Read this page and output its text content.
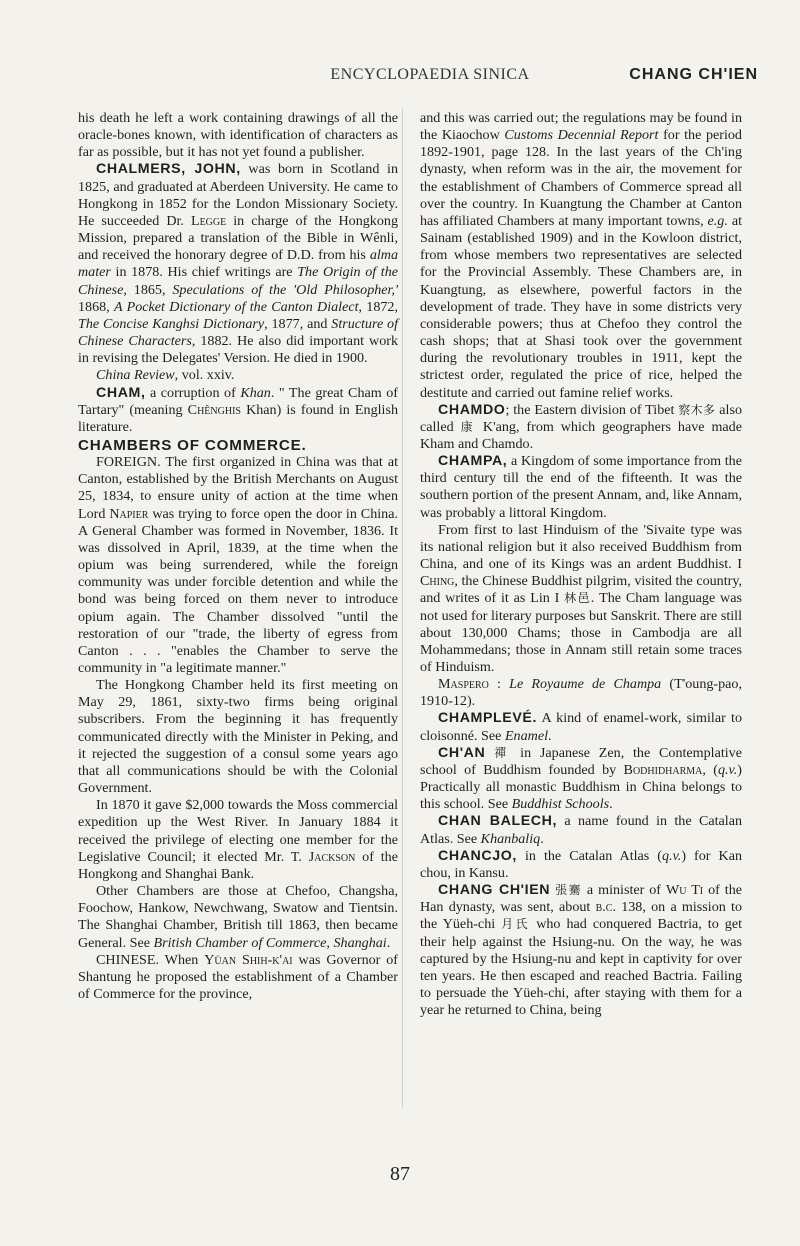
ENCYCLOPAEDIA SINICA	CHANG CH'IEN

his death he left a work containing drawings of all the oracle-bones known, with identification of characters as far as possible, but it has not yet found a publisher.

CHALMERS, JOHN, was born in Scotland in 1825, and graduated at Aberdeen University. He came to Hongkong in 1852 for the London Missionary Society. He succeeded Dr. Legge in charge of the Hongkong Mission, prepared a translation of the Bible in Wênli, and received the honorary degree of D.D. from his alma mater in 1878. His chief writings are The Origin of the Chinese, 1865, Speculations of the 'Old Philosopher,' 1868, A Pocket Dictionary of the Canton Dialect, 1872, The Concise Kanghsi Dictionary, 1877, and Structure of Chinese Characters, 1882. He also did important work in revising the Delegates' Version. He died in 1900.

China Review, vol. xxiv.

CHAM, a corruption of Khan. " The great Cham of Tartary" (meaning Chênghis Khan) is found in English literature.

CHAMBERS OF COMMERCE.

FOREIGN. The first organized in China was that at Canton, established by the British Merchants on August 25, 1834, to ensure unity of action at the time when Lord Napier was trying to force open the door in China. A General Chamber was formed in November, 1836. It was dissolved in April, 1839, at the time when the opium was being surrendered, while the foreign community was under forcible detention and while the bond was being forced on them never to introduce opium again. The Chamber dissolved "until the restoration of our "trade, the liberty of egress from Canton . . . "enables the Chamber to serve the community in "a legitimate manner."

The Hongkong Chamber held its first meeting on May 29, 1861, sixty-two firms being original subscribers. From the beginning it has frequently communicated directly with the Minister in Peking, and it rejected the suggestion of a consul some years ago that all communications should be with the Colonial Government.

In 1870 it gave $2,000 towards the Moss commercial expedition up the West River. In January 1884 it received the privilege of electing one member for the Legislative Council; it elected Mr. T. Jackson of the Hongkong and Shanghai Bank.

Other Chambers are those at Chefoo, Changsha, Foochow, Hankow, Newchwang, Swatow and Tientsin. The Shanghai Chamber, British till 1863, then became General. See British Chamber of Commerce, Shanghai.

CHINESE. When Yüan Shih-k'ai was Governor of Shantung he proposed the establishment of a Chamber of Commerce for the province,

and this was carried out; the regulations may be found in the Kiaochow Customs Decennial Report for the period 1892-1901, page 128. In the last years of the Ch'ing dynasty, when reform was in the air, the movement for the establishment of Chambers of Commerce spread all over the country. In Kuangtung the Chamber at Canton has affiliated Chambers at many important towns, e.g. at Sainam (established 1909) and in the Kowloon district, from whose members two representatives are selected for the Provincial Assembly. These Chambers are, in Kuangtung, as elsewhere, powerful factors in the development of trade. They have in some districts very considerable powers; thus at Chefoo they control the cash shops; that at Shasi took over the government during the revolutionary troubles in 1911, kept the strictest order, regulated the price of rice, helped the destitute and carried out famine relief works.

CHAMDO; the Eastern division of Tibet 察木多 also called 康 K'ang, from which geographers have made Kham and Chamdo.

CHAMPA, a Kingdom of some importance from the third century till the end of the fifteenth. It was the southern portion of the present Annam, and, like Annam, was probably a littoral Kingdom.

From first to last Hinduism of the 'Sivaite type was its national religion but it also received Buddhism from China, and one of its Kings was an ardent Buddhist. I Ching, the Chinese Buddhist pilgrim, visited the country, and writes of it as Lin I 林邑. The Cham language was not used for literary purposes but Sanskrit. There are still about 130,000 Chams; those in Cambodja are all Mohammedans; those in Annam still retain some traces of Hinduism.

Maspero : Le Royaume de Champa (T'oung-pao, 1910-12).

CHAMPLEVÉ. A kind of enamel-work, similar to cloisonné. See Enamel.

CH'AN 禪 in Japanese Zen, the Contemplative school of Buddhism founded by Bodhidharma, (q.v.) Practically all monastic Buddhism in China belongs to this school. See Buddhist Schools.

CHAN BALECH, a name found in the Catalan Atlas. See Khanbaliq.

CHANCJO, in the Catalan Atlas (q.v.) for Kan chou, in Kansu.

CHANG CH'IEN 張騫 a minister of Wu Ti of the Han dynasty, was sent, about b.c. 138, on a mission to the Yüeh-chi 月氏 who had conquered Bactria, to get their help against the Hsiung-nu. On the way, he was captured by the Hsiung-nu and kept in captivity for over ten years. He then escaped and reached Bactria. Failing to persuade the Yüeh-chi, after staying with them for a year he returned to China, being

87
